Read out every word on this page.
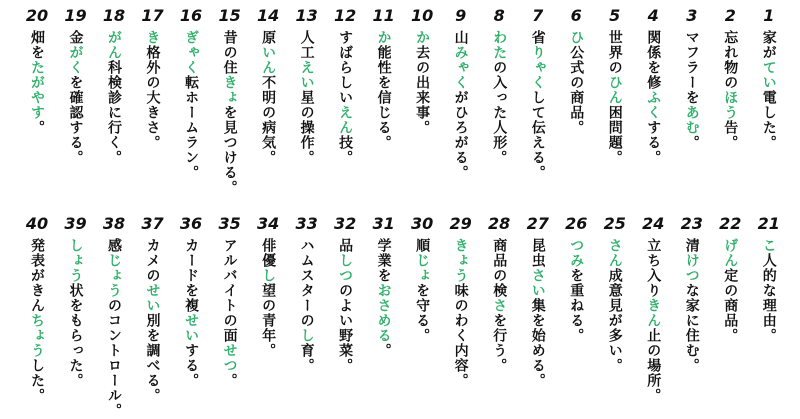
1
家がてい電した。
2
忘れ物のほう告。
3
マフラーをあむ。
4
関係を修ふくする。
5
世界のひん困問題。
6
ひ公式の商品。
7
省りゃくして伝える。
8
わたの入った人形。
9
山みゃくがひろがる。
10
か去の出来事。
11
か能性を信じる。
12
すばらしいえん技。
13
人工えい星の操作。
14
原いん不明の病気。
15
昔の住きょを見つける。
16
ぎゃく転ホームラン。
17
き格外の大きさ。
18
がん科検診に行く。
19
金がくを確認する。
20
畑をたがやす。
21
こ人的な理由。
22
げん定の商品。
23
清けつな家に住む。
24
立ち入りきん止の場所。
25
さん成意見が多い。
26
つみを重ねる。
27
昆虫さい集を始める。
28
商品の検さを行う。
29
きょう味のわく内容。
30
順じょを守る。
31
学業をおさめる。
32
品しつのよい野菜。
33
ハムスターのし育。
34
俳優し望の青年。
35
アルバイトの面せつ。
36
カードを複せいする。
37
カメのせい別を調べる。
38
感じょうのコントロール。
39
しょう状をもらった。
40
発表がきんちょうした。
